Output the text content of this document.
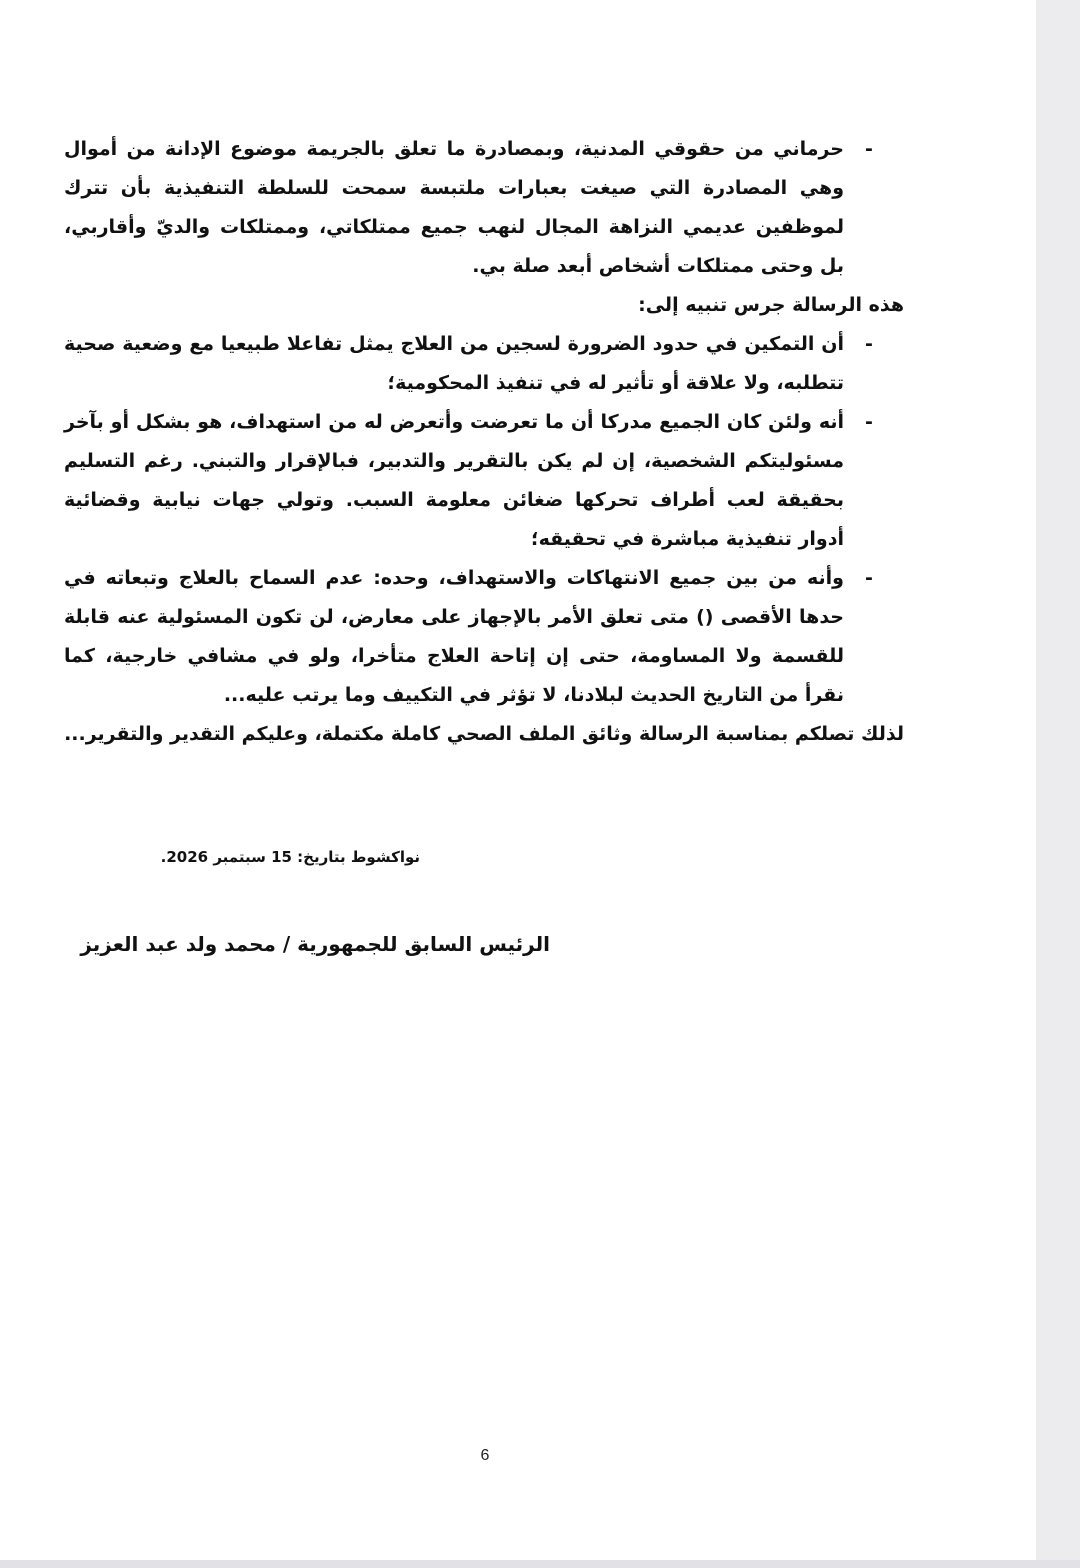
-
حرماني من حقوقي المدنية، وبمصادرة ما تعلق بالجريمة موضوع الإدانة من أموال وهي المصادرة التي صيغت بعبارات ملتبسة سمحت للسلطة التنفيذية بأن تترك لموظفين عديمي النزاهة المجال لنهب جميع ممتلكاتي، وممتلكات والديّ وأقاربي، بل وحتى ممتلكات أشخاص أبعد صلة بي.

هذه الرسالة جرس تنبيه إلى:

-
أن التمكين في حدود الضرورة لسجين من العلاج يمثل تفاعلا طبيعيا مع وضعية صحية تتطلبه، ولا علاقة أو تأثير له في تنفيذ المحكومية؛
-
أنه ولئن كان الجميع مدركا أن ما تعرضت وأتعرض له من استهداف، هو بشكل أو بآخر مسئوليتكم الشخصية، إن لم يكن بالتقرير والتدبير، فبالإقرار والتبني. رغم التسليم بحقيقة لعب أطراف تحركها ضغائن معلومة السبب. وتولي جهات نيابية وقضائية أدوار تنفيذية مباشرة في تحقيقه؛
-
وأنه من بين جميع الانتهاكات والاستهداف، وحده: عدم السماح بالعلاج وتبعاته في حدها الأقصى () متى تعلق الأمر بالإجهاز على معارض، لن تكون المسئولية عنه قابلة للقسمة ولا المساومة، حتى إن إتاحة العلاج متأخرا، ولو في مشافي خارجية، كما نقرأ من التاريخ الحديث لبلادنا، لا تؤثر في التكييف وما يرتب عليه...

لذلك تصلكم بمناسبة الرسالة وثائق الملف الصحي كاملة مكتملة، وعليكم التقدير والتقرير...

نواكشوط بتاريخ: 15 سبتمبر 2026.
الرئيس السابق للجمهورية / محمد ولد عبد العزيز
6
